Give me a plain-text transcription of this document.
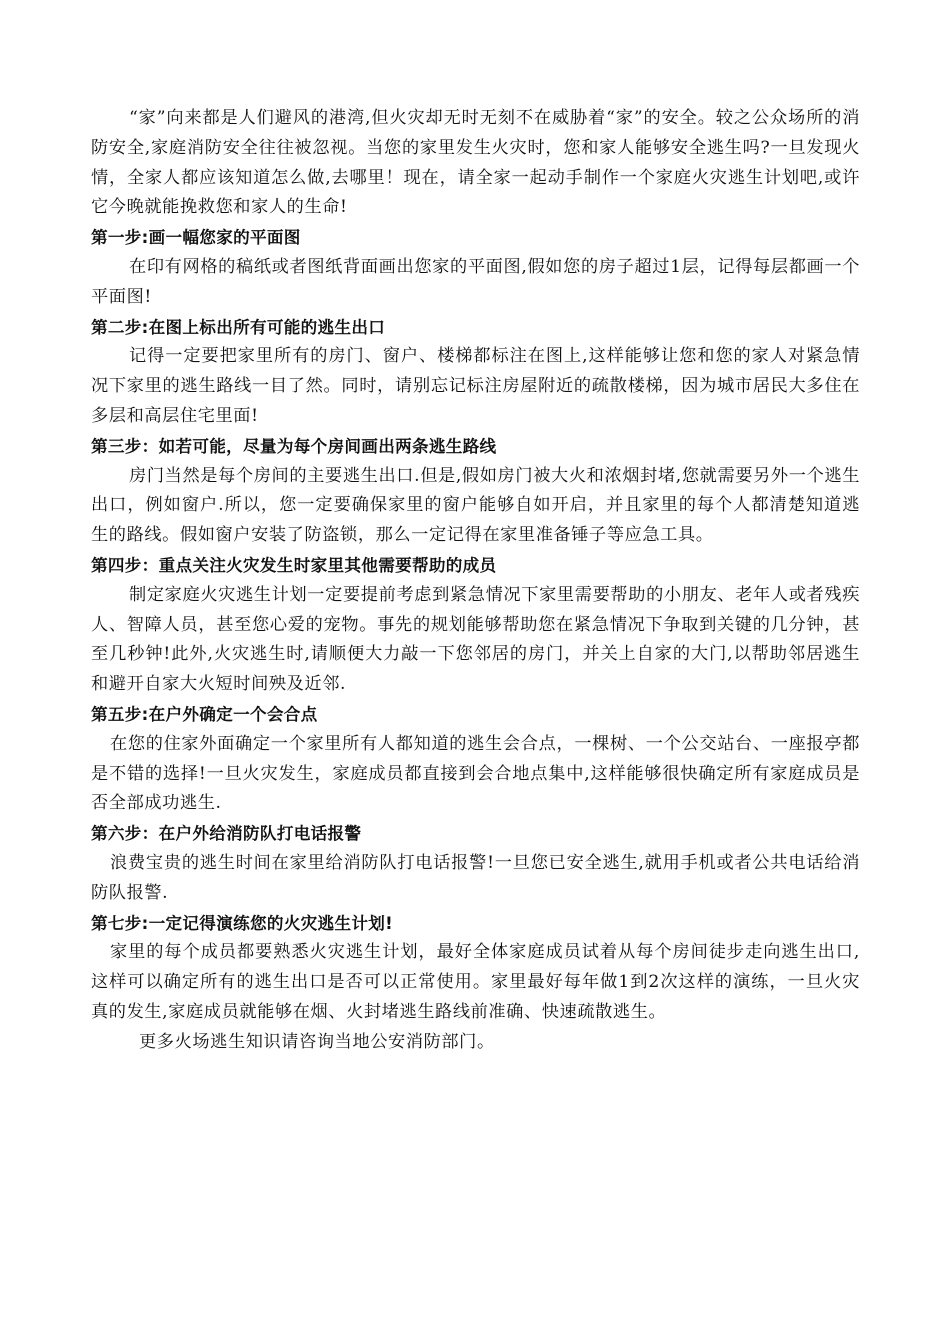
“家”向来都是人们避风的港湾,但火灾却无时无刻不在威胁着“家”的安全。较之公众场所的消防安全,家庭消防安全往往被忽视。当您的家里发生火灾时，您和家人能够安全逃生吗?一旦发现火情，全家人都应该知道怎么做,去哪里！现在，请全家一起动手制作一个家庭火灾逃生计划吧,或许它今晚就能挽救您和家人的生命!

第一步:画一幅您家的平面图

在印有网格的稿纸或者图纸背面画出您家的平面图,假如您的房子超过1层，记得每层都画一个平面图!

第二步:在图上标出所有可能的逃生出口

记得一定要把家里所有的房门、窗户、楼梯都标注在图上,这样能够让您和您的家人对紧急情况下家里的逃生路线一目了然。同时，请别忘记标注房屋附近的疏散楼梯，因为城市居民大多住在多层和高层住宅里面!

第三步：如若可能，尽量为每个房间画出两条逃生路线

房门当然是每个房间的主要逃生出口.但是,假如房门被大火和浓烟封堵,您就需要另外一个逃生出口，例如窗户.所以，您一定要确保家里的窗户能够自如开启，并且家里的每个人都清楚知道逃生的路线。假如窗户安装了防盗锁，那么一定记得在家里准备锤子等应急工具。

第四步：重点关注火灾发生时家里其他需要帮助的成员

制定家庭火灾逃生计划一定要提前考虑到紧急情况下家里需要帮助的小朋友、老年人或者残疾人、智障人员，甚至您心爱的宠物。事先的规划能够帮助您在紧急情况下争取到关键的几分钟，甚至几秒钟!此外,火灾逃生时,请顺便大力敲一下您邻居的房门，并关上自家的大门,以帮助邻居逃生和避开自家大火短时间殃及近邻.

第五步:在户外确定一个会合点

在您的住家外面确定一个家里所有人都知道的逃生会合点，一棵树、一个公交站台、一座报亭都是不错的选择!一旦火灾发生，家庭成员都直接到会合地点集中,这样能够很快确定所有家庭成员是否全部成功逃生.

第六步：在户外给消防队打电话报警

浪费宝贵的逃生时间在家里给消防队打电话报警!一旦您已安全逃生,就用手机或者公共电话给消防队报警.

第七步:一定记得演练您的火灾逃生计划!

家里的每个成员都要熟悉火灾逃生计划，最好全体家庭成员试着从每个房间徒步走向逃生出口,这样可以确定所有的逃生出口是否可以正常使用。家里最好每年做1到2次这样的演练，一旦火灾真的发生,家庭成员就能够在烟、火封堵逃生路线前准确、快速疏散逃生。

更多火场逃生知识请咨询当地公安消防部门。
